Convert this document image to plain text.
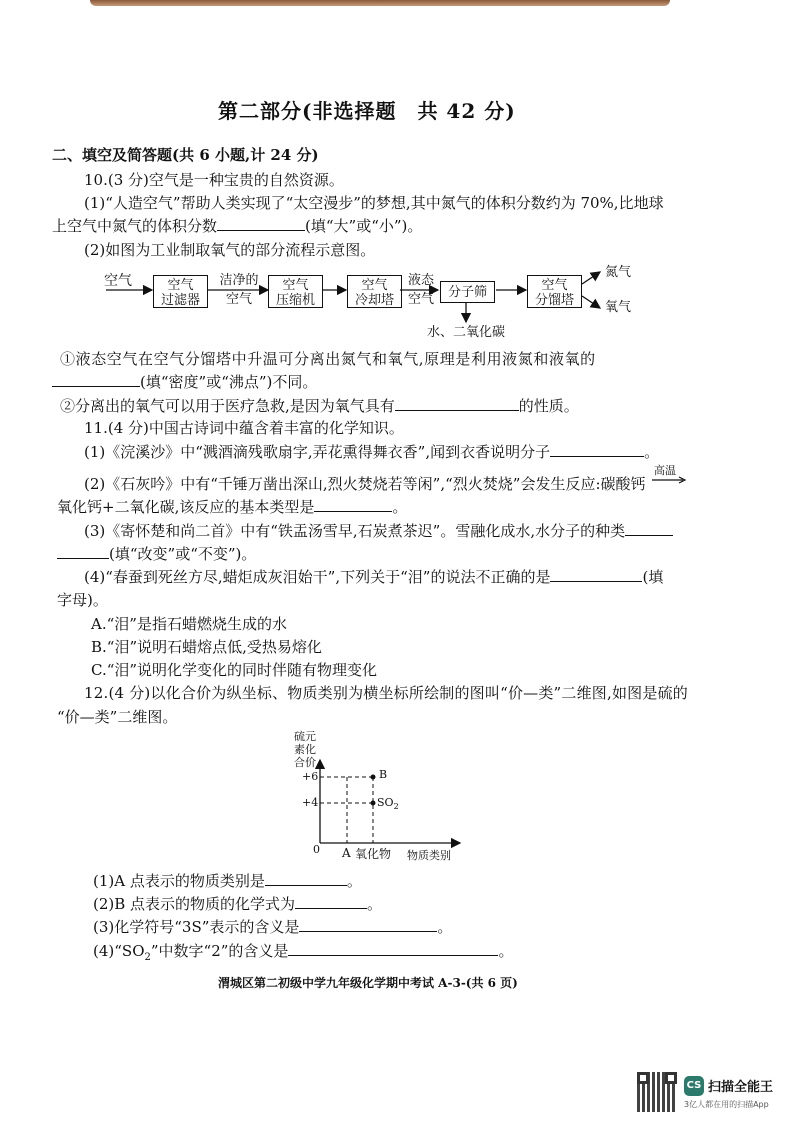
第二部分(非选择题　共 42 分)
二、填空及简答题(共 6 小题,计 24 分)
10.(3 分)空气是一种宝贵的自然资源。
(1)“人造空气”帮助人类实现了“太空漫步”的梦想,其中氮气的体积分数约为 70%,比地球
上空气中氮气的体积分数	(填“大”或“小”)。
(2)如图为工业制取氧气的部分流程示意图。
空气	空气
过滤器
洁净的
空气
空气
压缩机
空气
冷却塔
液态
空气	分子筛
水、二氧化碳
空气
分馏塔
氮气
氧气
①液态空气在空气分馏塔中升温可分离出氮气和氧气,原理是利用液氮和液氧的
(填“密度”或“沸点”)不同。
②分离出的氧气可以用于医疗急救,是因为氧气具有	的性质。
11.(4 分)中国古诗词中蕴含着丰富的化学知识。
(1)《浣溪沙》中“溅酒滴残歌扇字,弄花熏得舞衣香”,闻到衣香说明分子	。
(2)《石灰吟》中有“千锤万凿出深山,烈火焚烧若等闲”,“烈火焚烧”会发生反应:碳酸钙
高温
氧化钙+二氧化碳,该反应的基本类型是	。
(3)《寄怀楚和尚二首》中有“铁盂汤雪早,石炭煮茶迟”。雪融化成水,水分子的种类
(填“改变”或“不变”)。
(4)“春蚕到死丝方尽,蜡炬成灰泪始干”,下列关于“泪”的说法不正确的是	(填
字母)。
A.“泪”是指石蜡燃烧生成的水
B.“泪”说明石蜡熔点低,受热易熔化
C.“泪”说明化学变化的同时伴随有物理变化
12.(4 分)以化合价为纵坐标、物质类别为横坐标所绘制的图叫“价—类”二维图,如图是硫的
“价—类”二维图。
硫元
素化
合价
+6
+4
0 A 氧化物 物质类别
B
$SO_2$
(1)A 点表示的物质类别是	。
(2)B 点表示的物质的化学式为	。
(3)化学符号“3S”表示的含义是	。
$(4)“SO_2$”中数字“2”的含义是	。
渭城区第二初级中学九年级化学期中考试 A-3-(共 6 页)
CS 扫描全能王
3亿人都在用的扫描App
